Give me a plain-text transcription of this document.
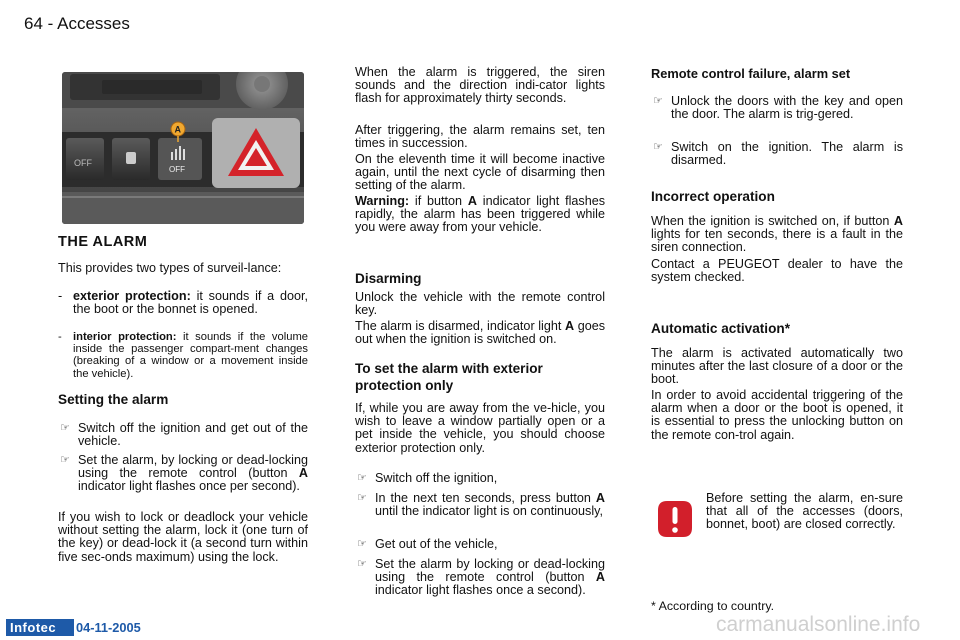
64 - Accesses
OFF
OFF
A
THE ALARM
This provides two types of surveil-lance:
- exterior protection: it sounds if a door, the boot or the bonnet is opened.
- interior protection: it sounds if the volume inside the passenger compart-ment changes (breaking of a window or a movement inside the vehicle).
Setting the alarm
☞ Switch off the ignition and get out of the vehicle.
☞ Set the alarm, by locking or dead-locking using the remote control (button A indicator light flashes once per second).
If you wish to lock or deadlock your vehicle without setting the alarm, lock it (one turn of the key) or dead-lock it (a second turn within five sec-onds maximum) using the lock.
When the alarm is triggered, the siren sounds and the direction indi-cator lights flash for approximately thirty seconds.
After triggering, the alarm remains set, ten times in succession.
On the eleventh time it will become inactive again, until the next cycle of disarming then setting of the alarm.
Warning: if button A indicator light flashes rapidly, the alarm has been triggered while you were away from your vehicle.
Disarming
Unlock the vehicle with the remote control key.
The alarm is disarmed, indicator light A goes out when the ignition is switched on.
To set the alarm with exterior protection only
If, while you are away from the ve-hicle, you wish to leave a window partially open or a pet inside the vehicle, you should choose exterior protection only.
☞ Switch off the ignition,
☞ In the next ten seconds, press button A until the indicator light is on continuously,
☞ Get out of the vehicle,
☞ Set the alarm by locking or dead-locking using the remote control (button A indicator light flashes once a second).
Remote control failure, alarm set
☞ Unlock the doors with the key and open the door. The alarm is trig-gered.
☞ Switch on the ignition. The alarm is disarmed.
Incorrect operation
When the ignition is switched on, if button A lights for ten seconds, there is a fault in the siren connection.
Contact a PEUGEOT dealer to have the system checked.
Automatic activation*
The alarm is activated automatically two minutes after the last closure of a door or the boot.
In order to avoid accidental triggering of the alarm when a door or the boot is opened, it is essential to press the unlocking button on the remote con-trol again.
Before setting the alarm, en-sure that all of the accesses (doors, bonnet, boot) are closed correctly.
* According to country.
Infotec	04-11-2005	carmanualsonline.info
